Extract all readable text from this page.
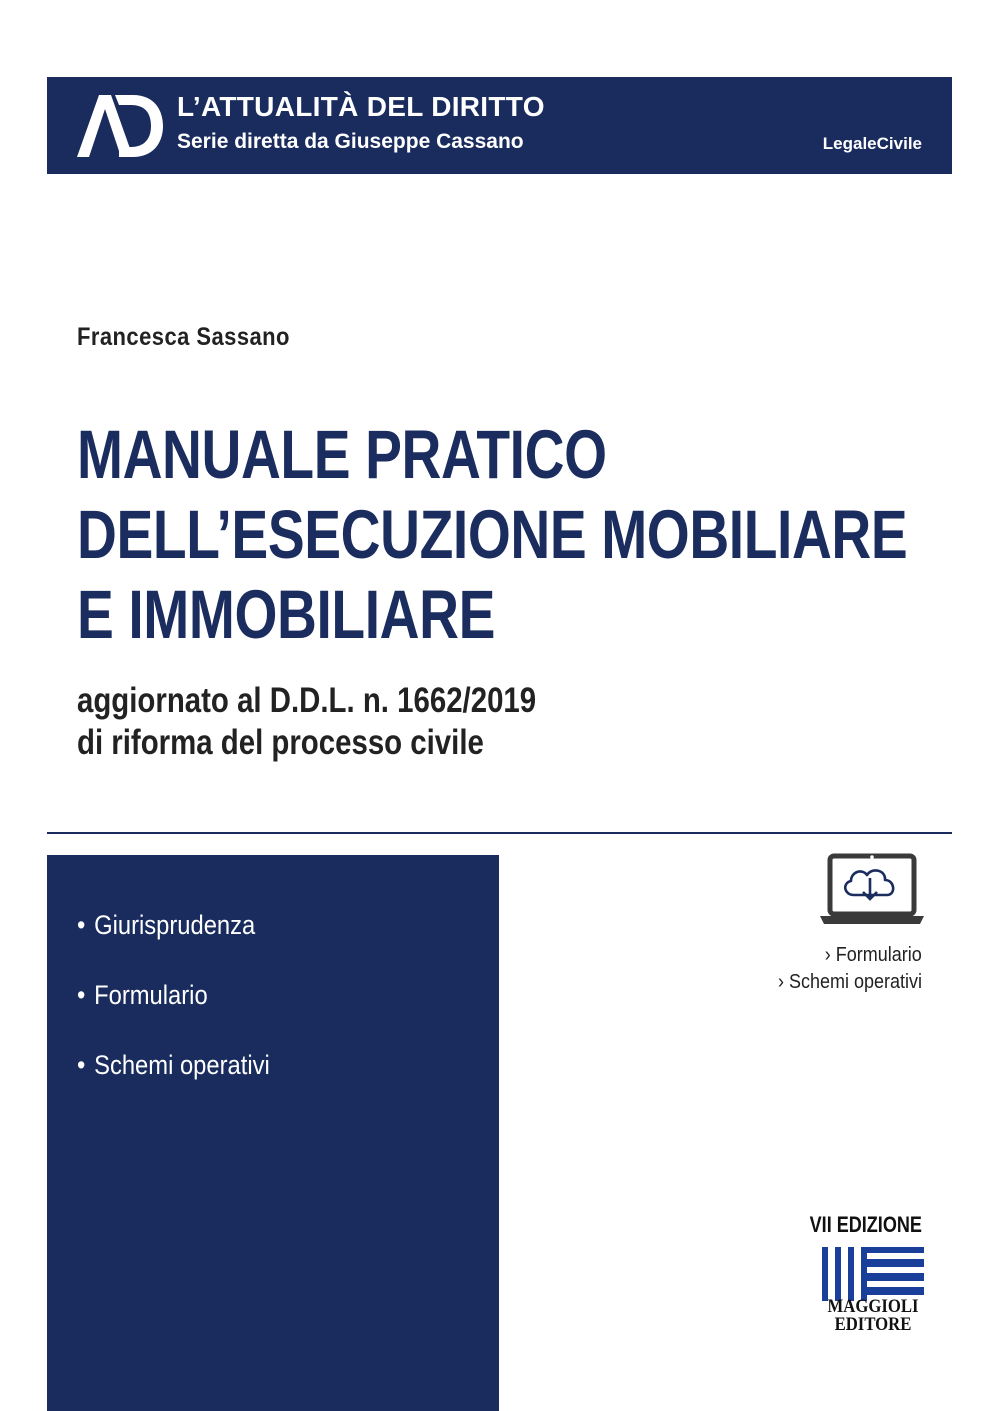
L’ATTUALITÀ DEL DIRITTO
Serie diretta da Giuseppe Cassano	LegaleCivile
Francesca Sassano
MANUALE PRATICO
DELL’ESECUZIONE MOBILIARE
E IMMOBILIARE
aggiornato al D.D.L. n. 1662/2019
di riforma del processo civile
• Giurisprudenza
• Formulario
• Schemi operativi
› Formulario
› Schemi operativi
VII EDIZIONE
MAGGIOLI
EDITORE
